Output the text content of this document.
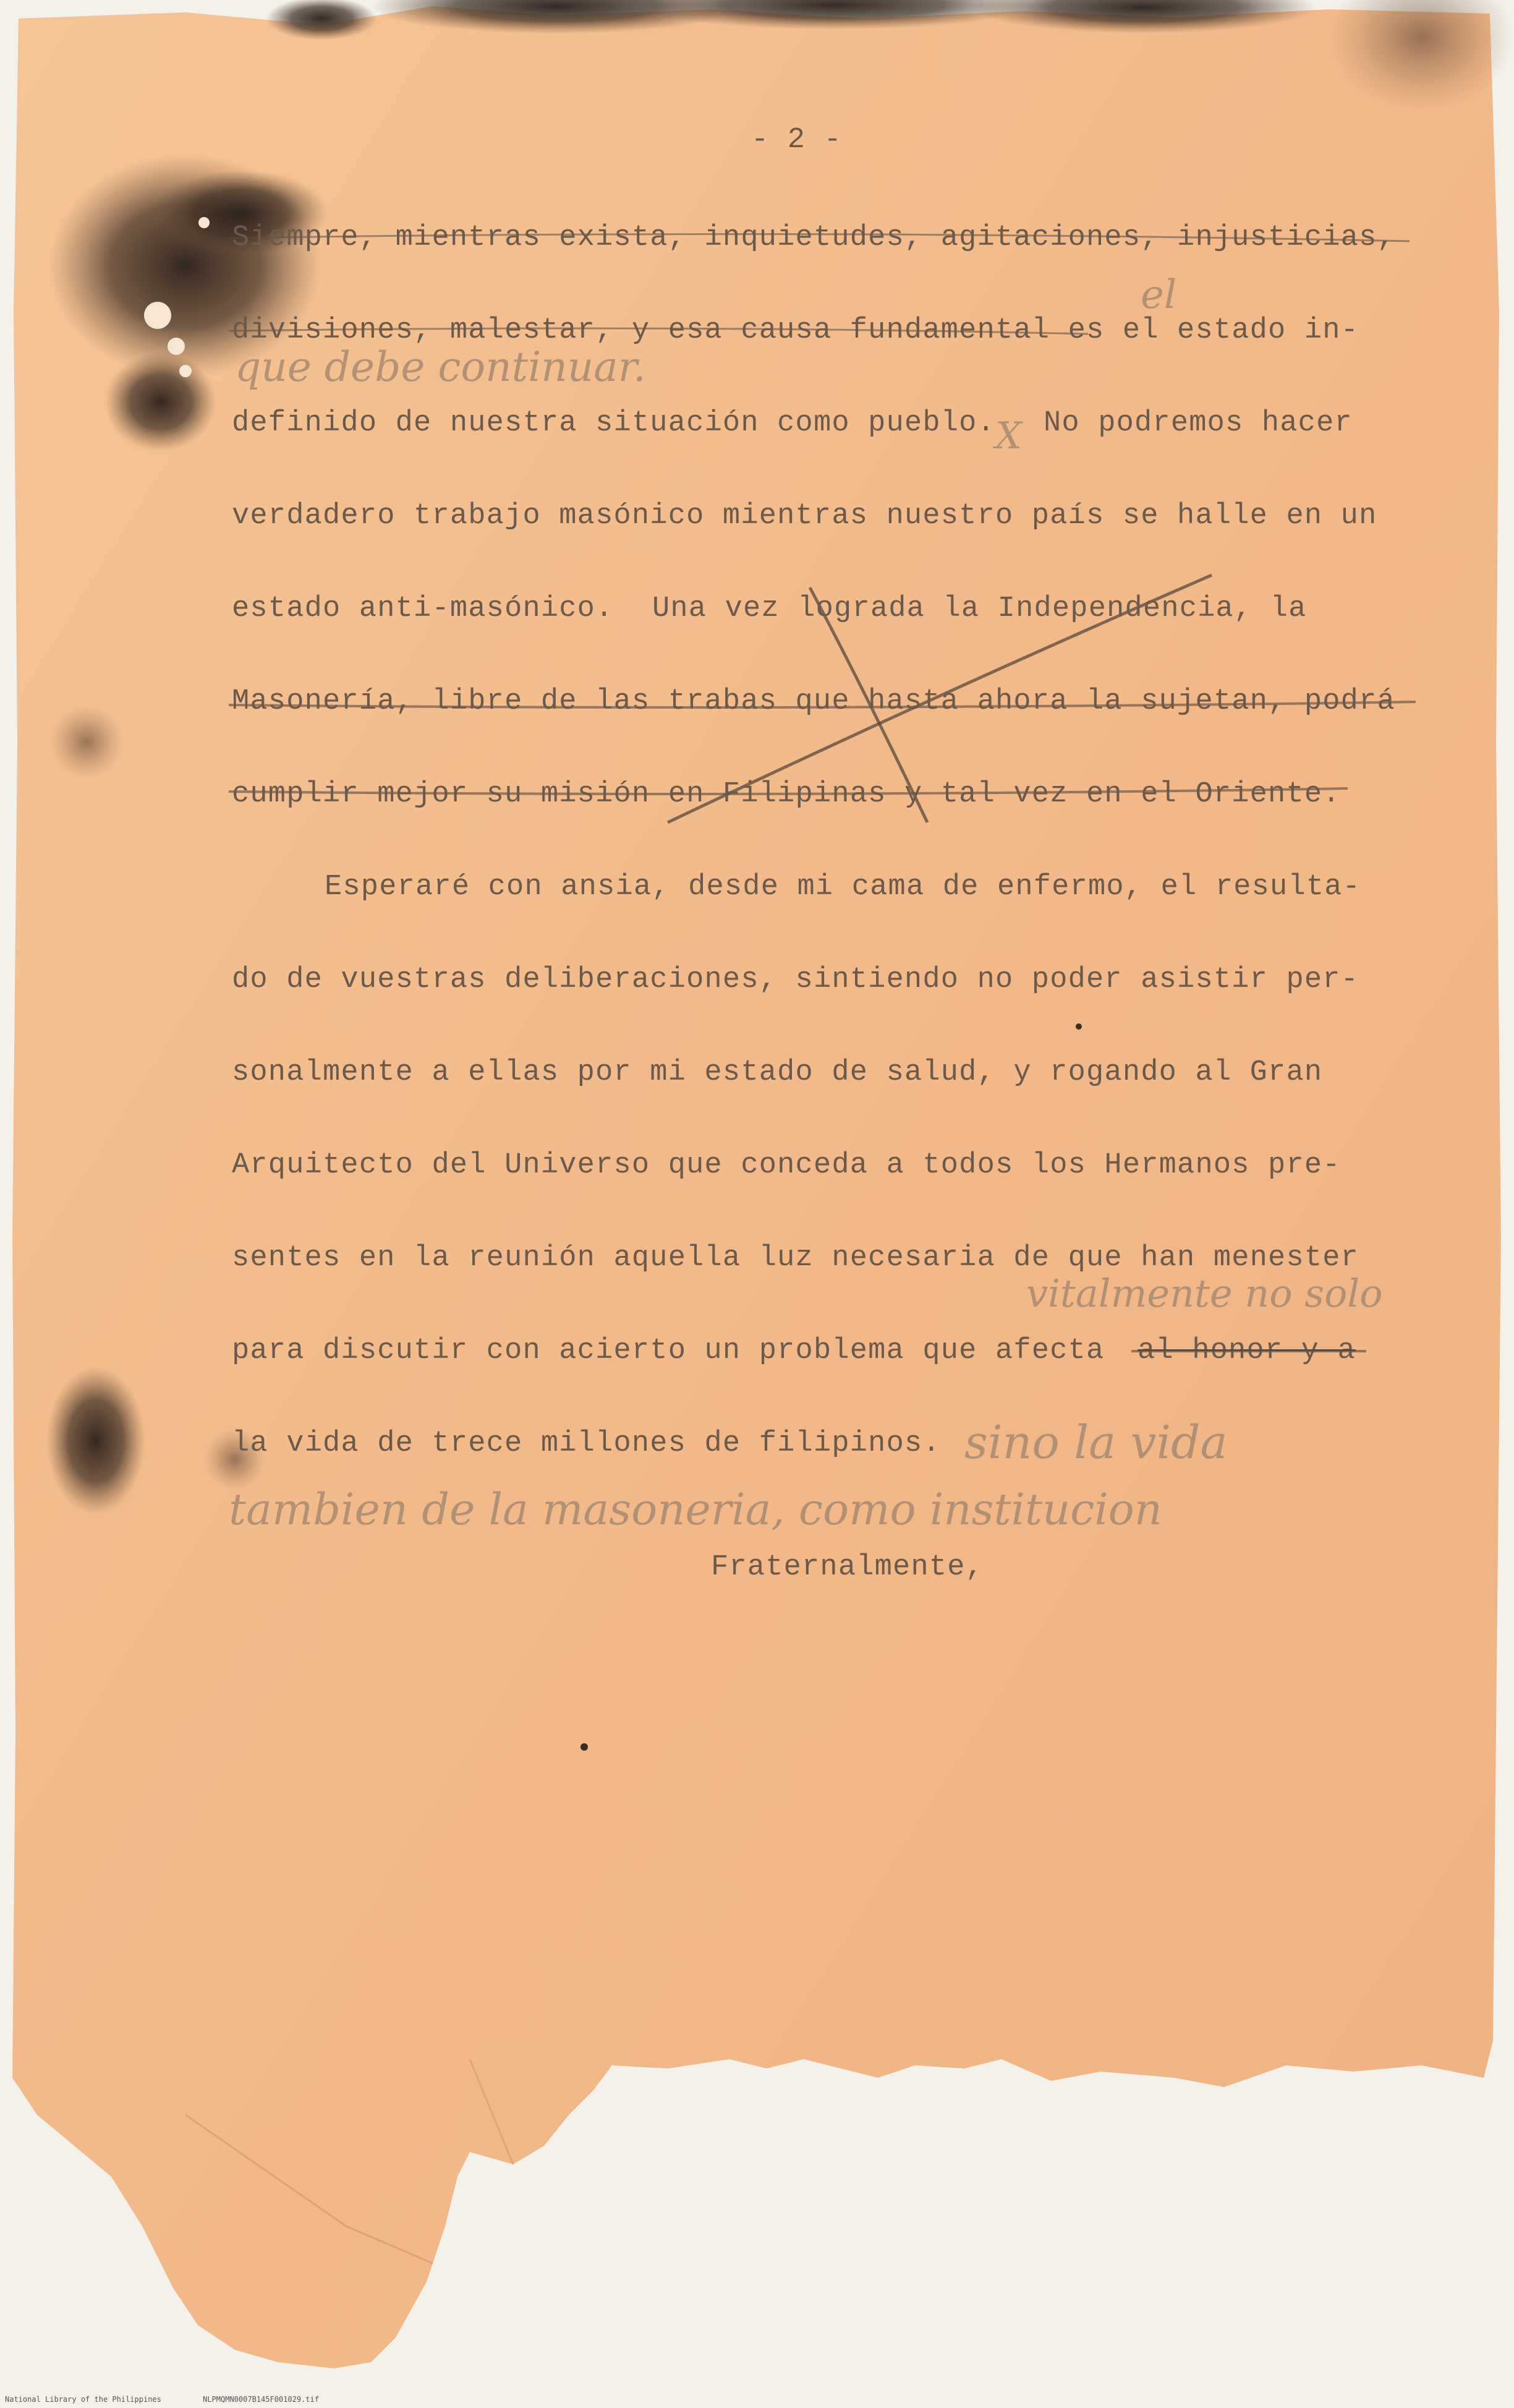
- 2 -
Siempre, mientras exista, inquietudes, agitaciones, injusticias,
divisiones, malestar, y esa causa fundamental es el estado in-
definido de nuestra situación como pueblo. No podremos hacer
verdadero trabajo masónico mientras nuestro país se halle en un
estado anti-masónico. Una vez lograda la Independencia, la
Masonería, libre de las trabas que hasta ahora la sujetan, podrá
cumplir mejor su misión en Filipinas y tal vez en el Oriente.
Esperaré con ansia, desde mi cama de enfermo, el resulta-
do de vuestras deliberaciones, sintiendo no poder asistir per-
sonalmente a ellas por mi estado de salud, y rogando al Gran
Arquitecto del Universo que conceda a todos los Hermanos pre-
sentes en la reunión aquella luz necesaria de que han menester
para discutir con acierto un problema que afecta al honor y a
la vida de trece millones de filipinos.
Fraternalmente,
el
que debe continuar.
X
vitalmente no solo
sino la vida
tambien de la masoneria, como institucion
National Library of the Philippines	NLPMQMN0007B145F001029.tif
